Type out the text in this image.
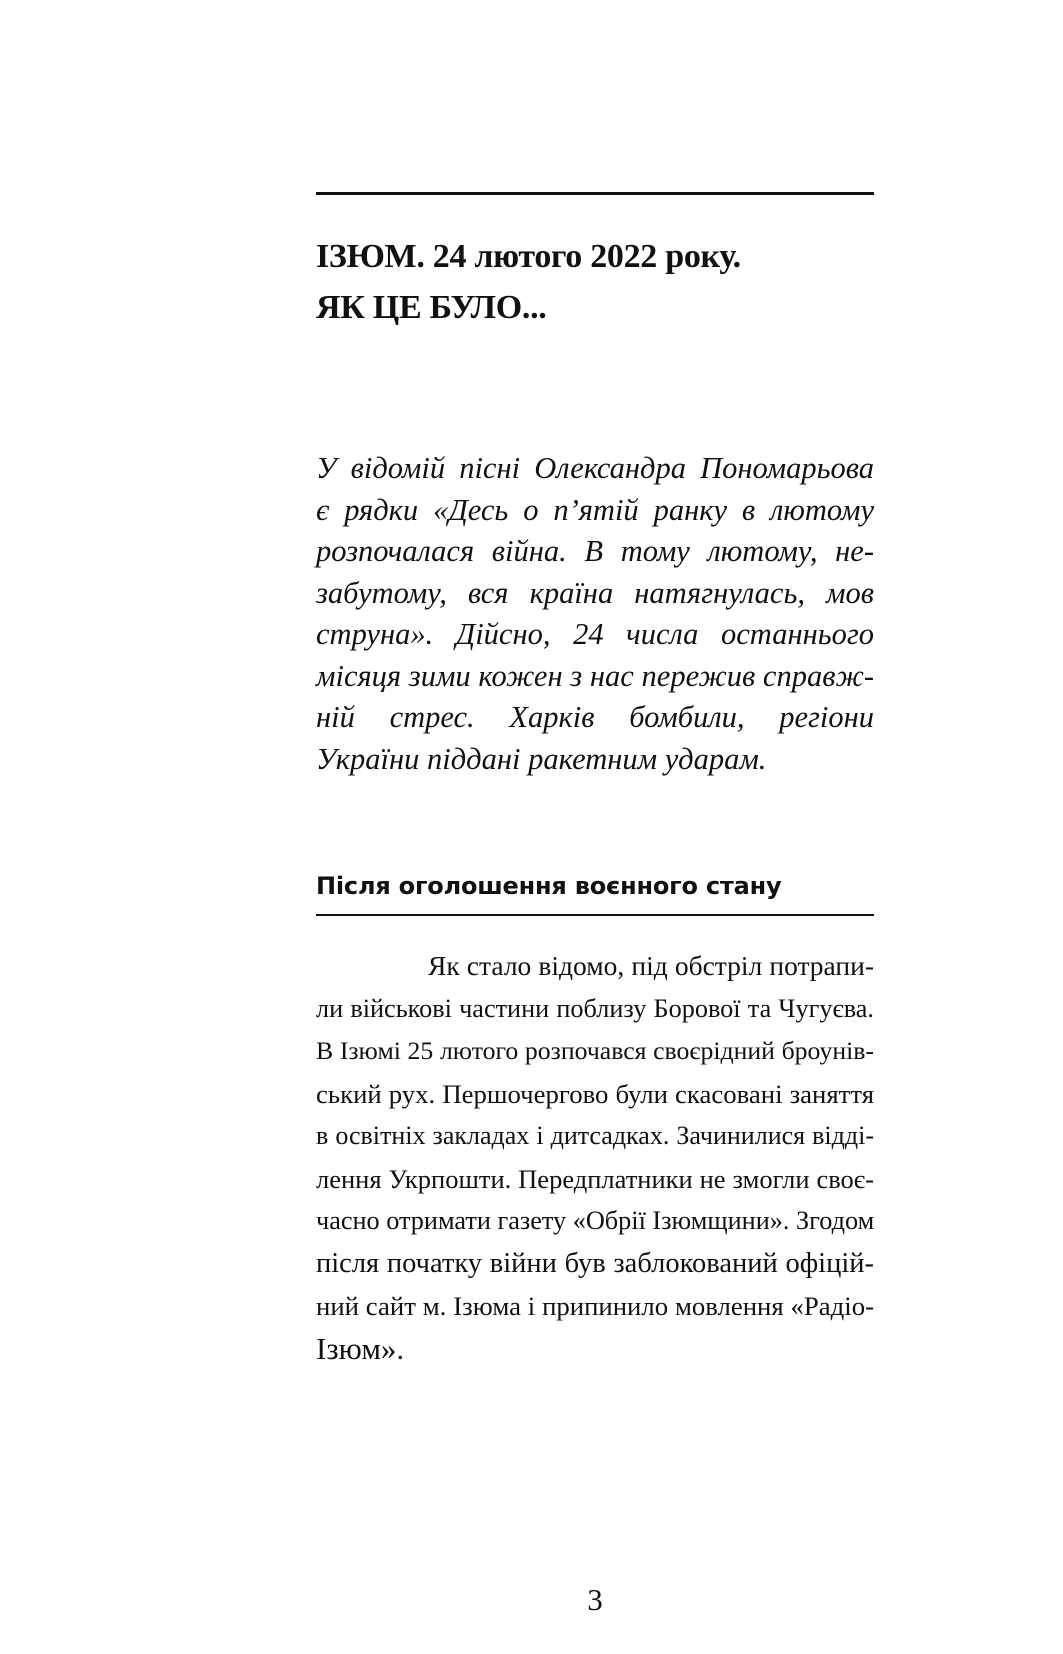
ІЗЮМ. 24 лютого 2022 року.
ЯК ЦЕ БУЛО...
У відомій пісні Олександра Пономарьова
є рядки «Десь о п’ятій ранку в лютому
розпочалася війна. В тому лютому, не-
забутому, вся країна натягнулась, мов
струна». Дійсно, 24 числа останнього
місяця зими кожен з нас пережив справж-
ній стрес. Харків бомбили, регіони
України піддані ракетним ударам.
Після оголошення воєнного стану
Як стало відомо, під обстріл потрапи-
ли військові частини поблизу Борової та Чугуєва.
В Ізюмі 25 лютого розпочався своєрідний броунів-
ський рух. Першочергово були скасовані заняття
в освітніх закладах і дитсадках. Зачинилися відді-
лення Укрпошти. Передплатники не змогли своє-
часно отримати газету «Обрії Ізюмщини». Згодом
після початку війни був заблокований офіцій-
ний сайт м. Ізюма і припинило мовлення «Радіо-
Ізюм».
3
